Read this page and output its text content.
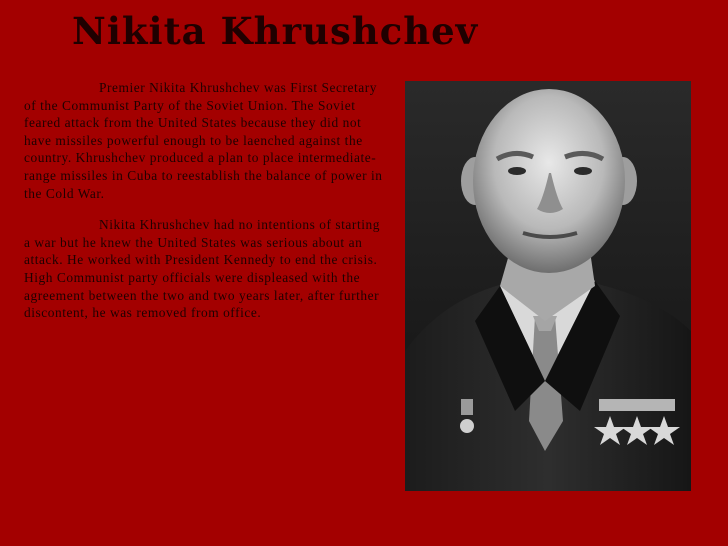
Nikita Khrushchev

Premier Nikita Khrushchev was First Secretary of the Communist Party of the Soviet Union. The Soviet feared attack from the United States because they did not have missiles powerful enough to be laenched against the country. Khrushchev produced a plan to place intermediate-range missiles in Cuba to reestablish the balance of power in the Cold War.

Nikita Khrushchev had no intentions of starting a war but he knew the United States was serious about an attack. He worked with President Kennedy to end the crisis. High Communist party officials were displeased with the agreement between the two and two years later, after further discontent, he was removed from office.
